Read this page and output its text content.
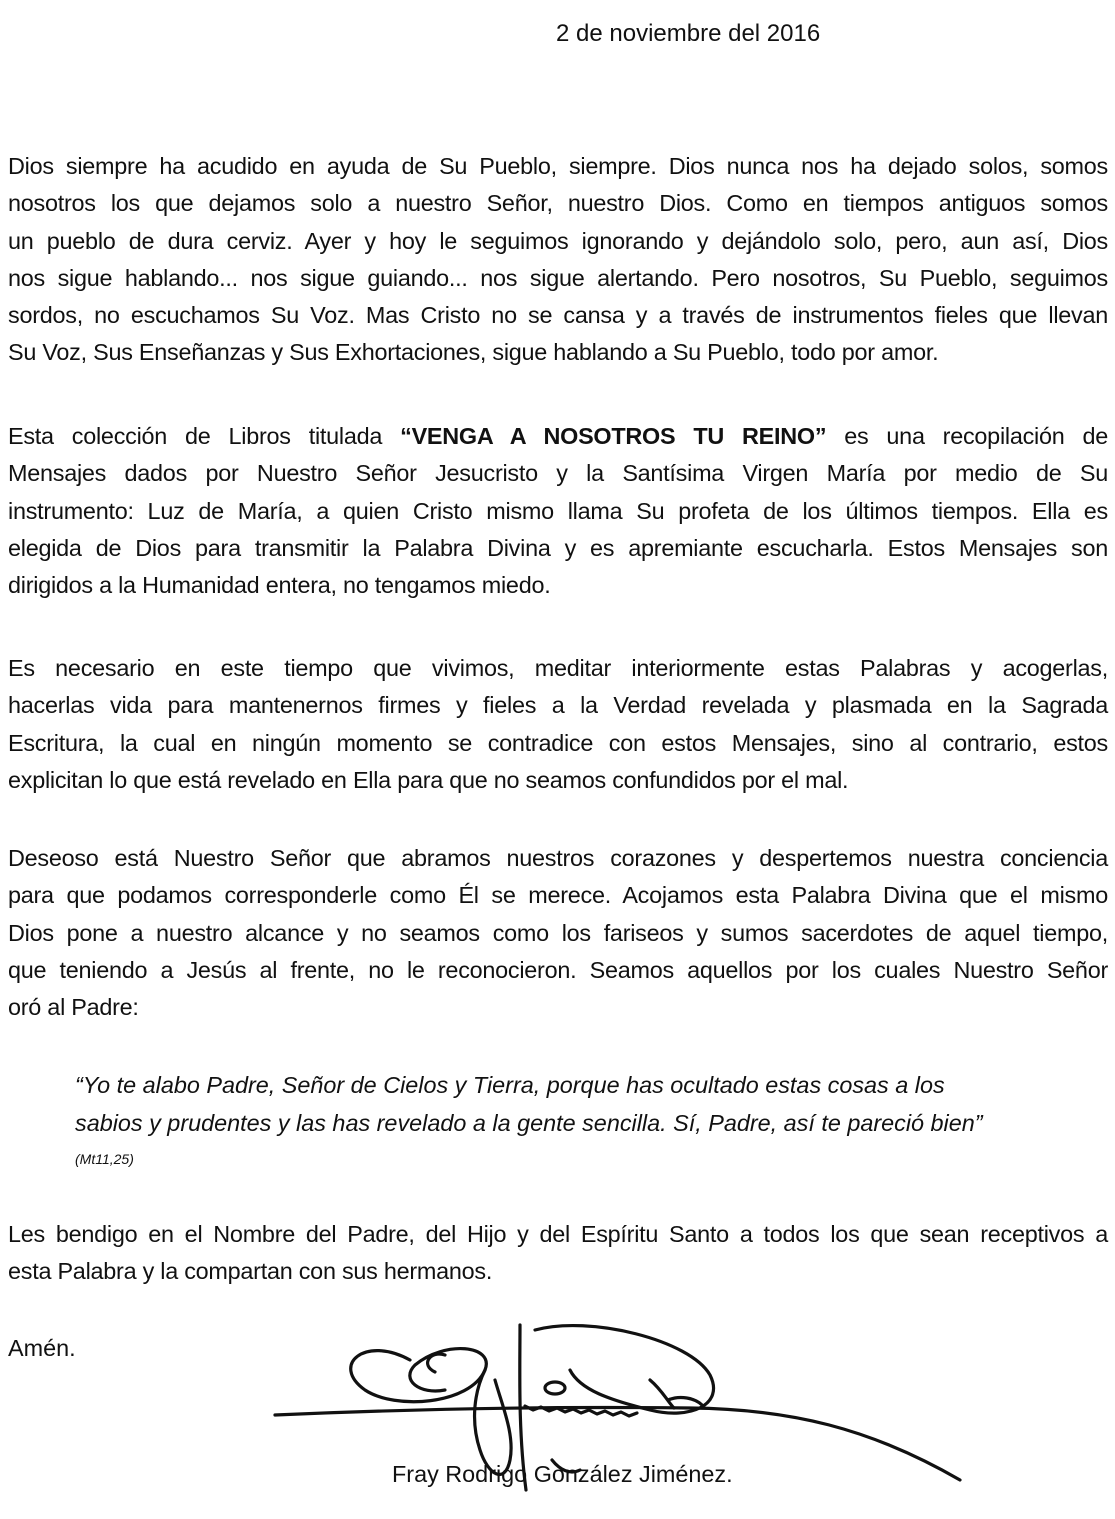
2 de noviembre del 2016
Dios siempre ha acudido en ayuda de Su Pueblo, siempre. Dios nunca nos ha dejado solos, somos
nosotros los que dejamos solo a nuestro Señor, nuestro Dios. Como en tiempos antiguos somos
un pueblo de dura cerviz. Ayer y hoy le seguimos ignorando y dejándolo solo, pero, aun así, Dios
nos sigue hablando... nos sigue guiando... nos sigue alertando. Pero nosotros, Su Pueblo, seguimos
sordos, no escuchamos Su Voz. Mas Cristo no se cansa y a través de instrumentos fieles que llevan
Su Voz, Sus Enseñanzas y Sus Exhortaciones, sigue hablando a Su Pueblo, todo por amor.
Esta colección de Libros titulada “VENGA A NOSOTROS TU REINO” es una recopilación de
Mensajes dados por Nuestro Señor Jesucristo y la Santísima Virgen María por medio de Su
instrumento: Luz de María, a quien Cristo mismo llama Su profeta de los últimos tiempos. Ella es
elegida de Dios para transmitir la Palabra Divina y es apremiante escucharla. Estos Mensajes son
dirigidos a la Humanidad entera, no tengamos miedo.
Es necesario en este tiempo que vivimos, meditar interiormente estas Palabras y acogerlas,
hacerlas vida para mantenernos firmes y fieles a la Verdad revelada y plasmada en la Sagrada
Escritura, la cual en ningún momento se contradice con estos Mensajes, sino al contrario, estos
explicitan lo que está revelado en Ella para que no seamos confundidos por el mal.
Deseoso está Nuestro Señor que abramos nuestros corazones y despertemos nuestra conciencia
para que podamos corresponderle como Él se merece. Acojamos esta Palabra Divina que el mismo
Dios pone a nuestro alcance y no seamos como los fariseos y sumos sacerdotes de aquel tiempo,
que teniendo a Jesús al frente, no le reconocieron. Seamos aquellos por los cuales Nuestro Señor
oró al Padre:
“Yo te alabo Padre, Señor de Cielos y Tierra, porque has ocultado estas cosas a los
sabios y prudentes y las has revelado a la gente sencilla. Sí, Padre, así te pareció bien”
(Mt11,25)
Les bendigo en el Nombre del Padre, del Hijo y del Espíritu Santo a todos los que sean receptivos a
esta Palabra y la compartan con sus hermanos.
Amén.
Fray Rodrigo González Jiménez.
